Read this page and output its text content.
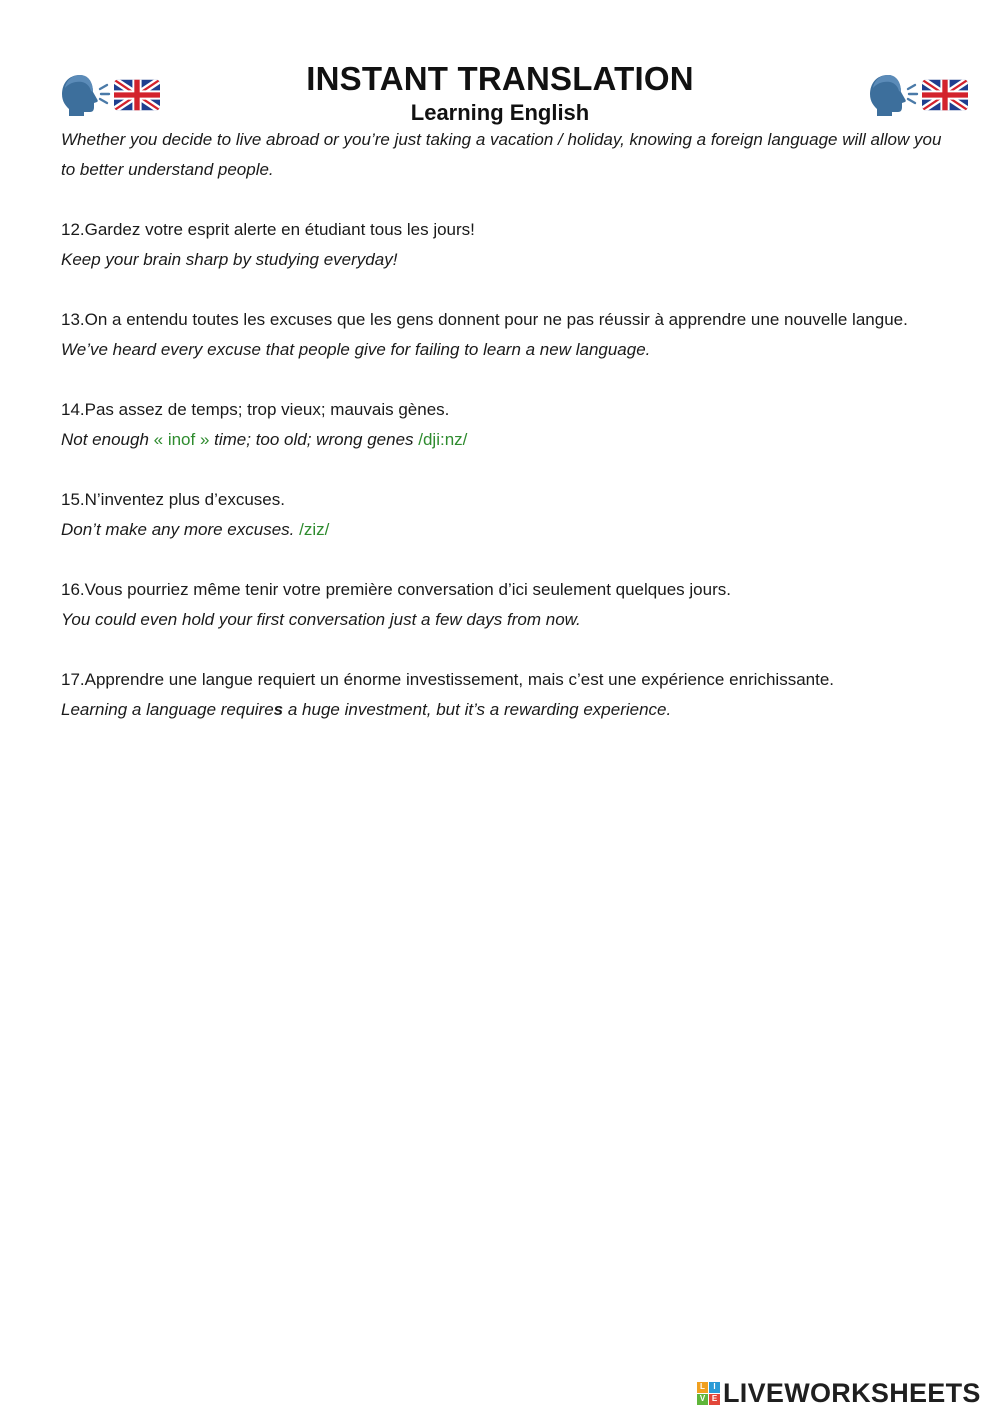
INSTANT TRANSLATION
Learning English

Whether you decide to live abroad or you’re just taking a vacation / holiday, knowing a foreign language will allow you to better understand people.

12.Gardez votre esprit alerte en étudiant tous les jours!

Keep your brain sharp by studying everyday!

13.On a entendu toutes les excuses que les gens donnent pour ne pas réussir à apprendre une nouvelle langue.

We’ve heard every excuse that people give for failing to learn a new language.

14.Pas assez de temps; trop vieux; mauvais gènes.

Not enough « inof » time; too old; wrong genes /dji:nz/

15.N’inventez plus d’excuses.

Don’t make any more excuses. /ziz/

16.Vous pourriez même tenir votre première conversation d’ici seulement quelques jours.

You could even hold your first conversation just a few days from now.

17.Apprendre une langue requiert un énorme investissement, mais c’est une expérience enrichissante.

Learning a language requires a huge investment, but it’s a rewarding experience.

L	I
V E LIVEWORKSHEETS
